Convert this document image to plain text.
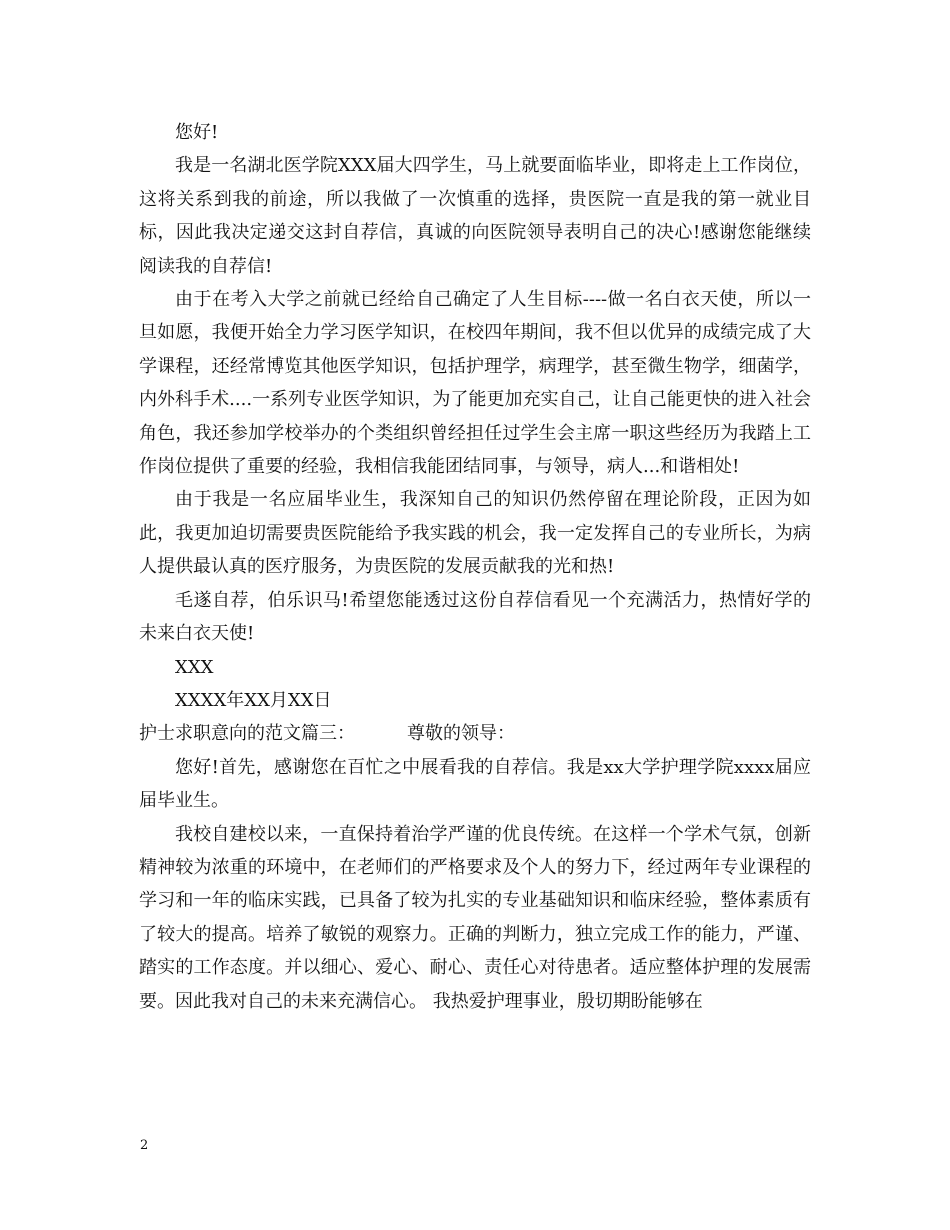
您好!

我是一名湖北医学院XXX届大四学生，马上就要面临毕业，即将走上工作岗位，这将关系到我的前途，所以我做了一次慎重的选择，贵医院一直是我的第一就业目标，因此我决定递交这封自荐信，真诚的向医院领导表明自己的决心!感谢您能继续阅读我的自荐信!

由于在考入大学之前就已经给自己确定了人生目标----做一名白衣天使，所以一旦如愿，我便开始全力学习医学知识，在校四年期间，我不但以优异的成绩完成了大学课程，还经常博览其他医学知识，包括护理学，病理学，甚至微生物学，细菌学，内外科手术....一系列专业医学知识，为了能更加充实自己，让自己能更快的进入社会角色，我还参加学校举办的个类组织曾经担任过学生会主席一职这些经历为我踏上工作岗位提供了重要的经验，我相信我能团结同事，与领导，病人...和谐相处!

由于我是一名应届毕业生，我深知自己的知识仍然停留在理论阶段，正因为如此，我更加迫切需要贵医院能给予我实践的机会，我一定发挥自己的专业所长，为病人提供最认真的医疗服务，为贵医院的发展贡献我的光和热!

毛遂自荐，伯乐识马!希望您能透过这份自荐信看见一个充满活力，热情好学的未来白衣天使!

XXX

XXXX年XX月XX日

护士求职意向的范文篇三：	尊敬的领导：

您好!首先，感谢您在百忙之中展看我的自荐信。我是xx大学护理学院xxxx届应届毕业生。

我校自建校以来，一直保持着治学严谨的优良传统。在这样一个学术气氛，创新精神较为浓重的环境中，在老师们的严格要求及个人的努力下，经过两年专业课程的学习和一年的临床实践，已具备了较为扎实的专业基础知识和临床经验，整体素质有了较大的提高。培养了敏锐的观察力。正确的判断力，独立完成工作的能力，严谨、踏实的工作态度。并以细心、爱心、耐心、责任心对待患者。适应整体护理的发展需要。因此我对自己的未来充满信心。 我热爱护理事业，殷切期盼能够在

2
